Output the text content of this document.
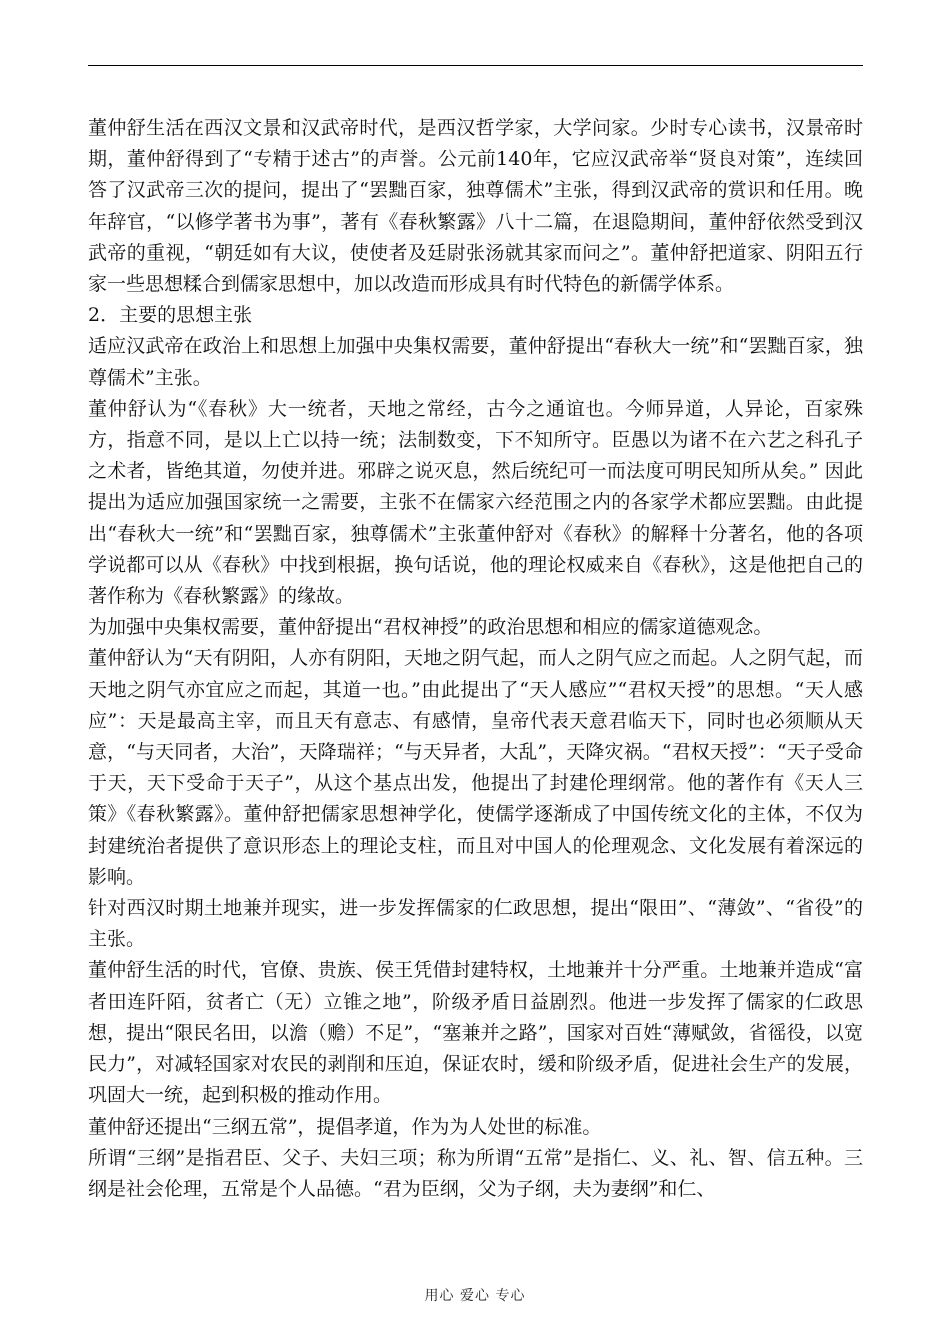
董仲舒生活在西汉文景和汉武帝时代，是西汉哲学家，大学问家。少时专心读书，汉景帝时期，董仲舒得到了“专精于述古”的声誉。公元前140年，它应汉武帝举“贤良对策”，连续回答了汉武帝三次的提问，提出了“罢黜百家，独尊儒术”主张，得到汉武帝的赏识和任用。晚年辞官，“以修学著书为事”，著有《春秋繁露》八十二篇，在退隐期间，董仲舒依然受到汉武帝的重视，“朝廷如有大议，使使者及廷尉张汤就其家而问之”。董仲舒把道家、阴阳五行家一些思想糅合到儒家思想中，加以改造而形成具有时代特色的新儒学体系。

2．主要的思想主张

适应汉武帝在政治上和思想上加强中央集权需要，董仲舒提出“春秋大一统”和“罢黜百家，独尊儒术”主张。

董仲舒认为“《春秋》大一统者，天地之常经，古今之通谊也。今师异道，人异论，百家殊方，指意不同，是以上亡以持一统；法制数变，下不知所守。臣愚以为诸不在六艺之科孔子之术者，皆绝其道，勿使并进。邪辟之说灭息，然后统纪可一而法度可明民知所从矣。” 因此提出为适应加强国家统一之需要，主张不在儒家六经范围之内的各家学术都应罢黜。由此提出“春秋大一统”和“罢黜百家，独尊儒术”主张董仲舒对《春秋》的解释十分著名，他的各项学说都可以从《春秋》中找到根据，换句话说，他的理论权威来自《春秋》，这是他把自己的著作称为《春秋繁露》的缘故。

为加强中央集权需要，董仲舒提出“君权神授”的政治思想和相应的儒家道德观念。

董仲舒认为“天有阴阳，人亦有阴阳，天地之阴气起，而人之阴气应之而起。人之阴气起，而天地之阴气亦宜应之而起，其道一也。”由此提出了“天人感应”“君权天授”的思想。“天人感应”：天是最高主宰，而且天有意志、有感情，皇帝代表天意君临天下，同时也必须顺从天意，“与天同者，大治”，天降瑞祥；“与天异者，大乱”，天降灾祸。“君权天授”：“天子受命于天，天下受命于天子”，从这个基点出发，他提出了封建伦理纲常。他的著作有《天人三策》《春秋繁露》。董仲舒把儒家思想神学化，使儒学逐渐成了中国传统文化的主体，不仅为封建统治者提供了意识形态上的理论支柱，而且对中国人的伦理观念、文化发展有着深远的影响。

针对西汉时期土地兼并现实，进一步发挥儒家的仁政思想，提出“限田”、“薄敛”、“省役”的主张。

董仲舒生活的时代，官僚、贵族、侯王凭借封建特权，土地兼并十分严重。土地兼并造成“富者田连阡陌，贫者亡（无）立锥之地”，阶级矛盾日益剧烈。他进一步发挥了儒家的仁政思想，提出“限民名田，以澹（赡）不足”，“塞兼并之路”，国家对百姓“薄赋敛，省徭役，以宽民力”，对减轻国家对农民的剥削和压迫，保证农时，缓和阶级矛盾，促进社会生产的发展，巩固大一统，起到积极的推动作用。

董仲舒还提出“三纲五常”，提倡孝道，作为为人处世的标准。

所谓“三纲”是指君臣、父子、夫妇三项；称为所谓“五常”是指仁、义、礼、智、信五种。三纲是社会伦理，五常是个人品德。“君为臣纲，父为子纲，夫为妻纲”和仁、

用心 爱心 专心
